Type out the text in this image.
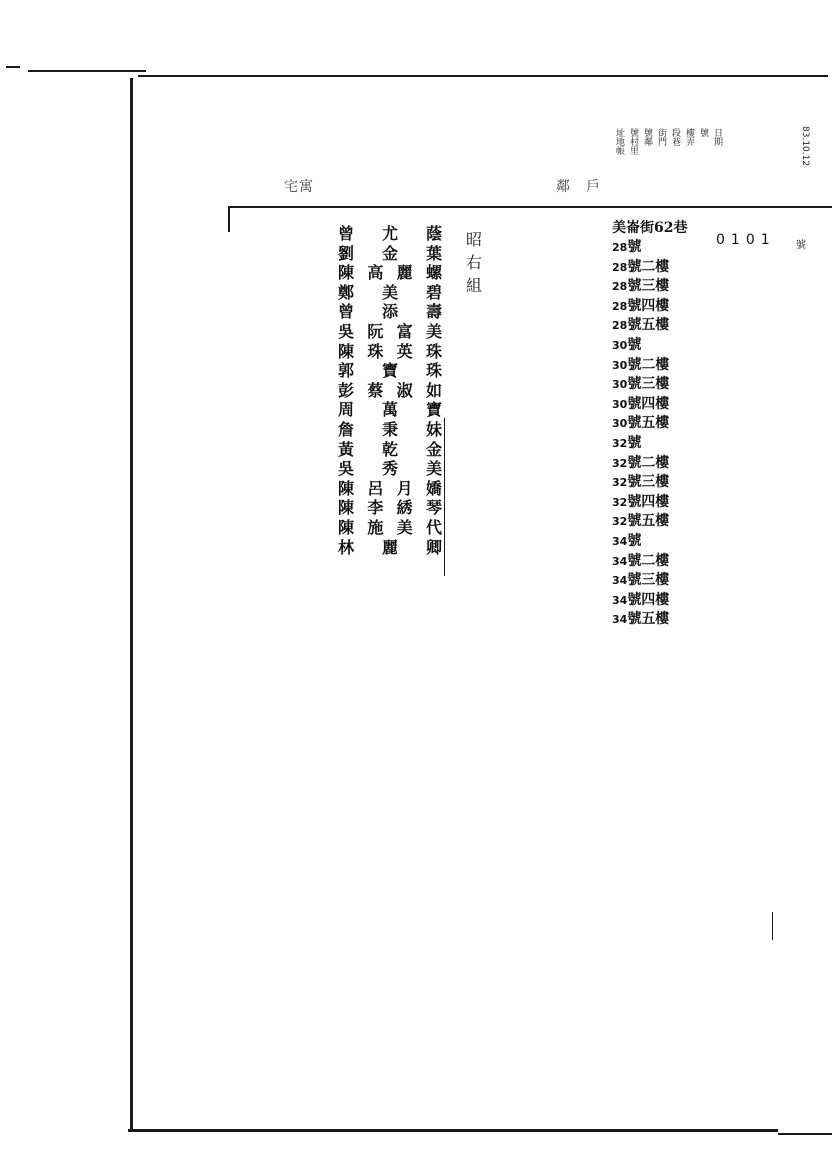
宅寓	鄰　戶
址地帳 號村里 號鄰 街門 段巷 樓弄 號 日期	83.10.12
昭　右　組
曾 尤 蔭
劉 金 葉
陳 高 麗 螺
鄭 美 碧
曾 添 壽
吳 阮 富 美
陳 珠 英 珠
郭 寶 珠
彭 蔡 淑 如
周 萬 寶
詹 秉 妹
黃 乾 金
吳 秀 美
陳 呂 月 嬌
陳 李 綉 琴
陳 施 美 代
林 麗 卿
美崙街62巷
28號
28號二樓
28號三樓
28號四樓
28號五樓
30號
30號二樓
30號三樓
30號四樓
30號五樓
32號
32號二樓
32號三樓
32號四樓
32號五樓
34號
34號二樓
34號三樓
34號四樓
34號五樓
0101 號
